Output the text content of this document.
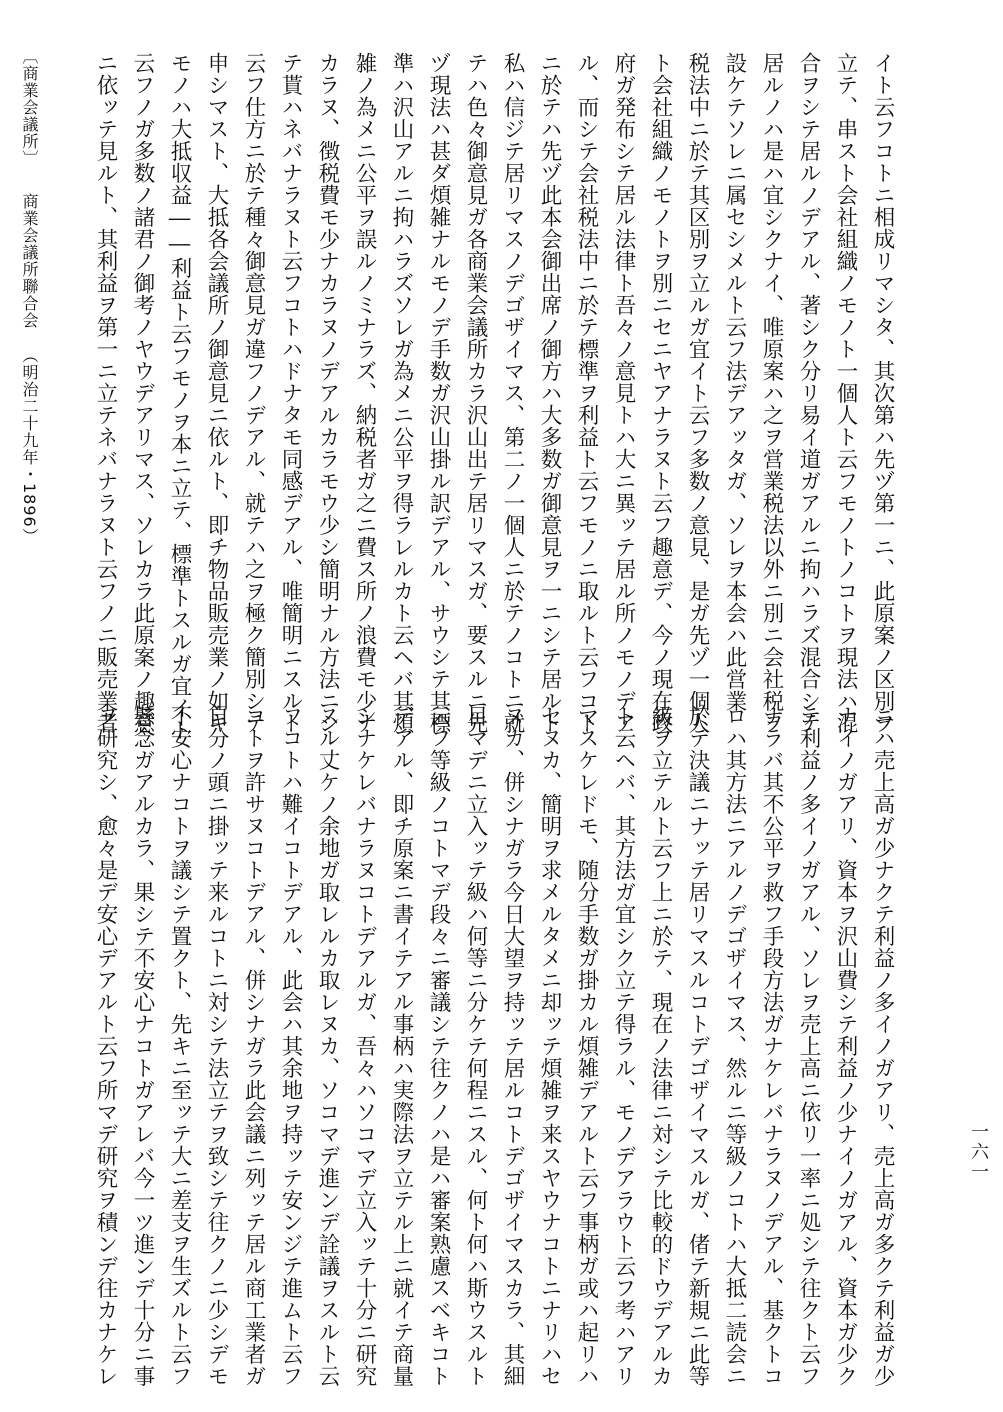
〔商業会議所〕
商業会議所聯合会
（明治二十九年・1896）	イト云フコトニ相成リマシタ、其次第ハ先ヅ第一ニ、此原案ノ区別ヲ
立テ、串スト会社組織ノモノト一個人ト云フモノトノコトヲ現法ハ混
合ヲシテ居ルノデアル、著シク分リ易イ道ガアルニ拘ハラズ混合シテ
居ルノハ是ハ宜シクナイ、唯原案ハ之ヲ営業税法以外ニ別ニ会社税ヲ
設ケテソレニ属セシメルト云フ法デアッタガ、ソレヲ本会ハ此営業
税法中ニ於テ其区別ヲ立ルガ宜イト云フ多数ノ意見、是ガ先ヅ一個人
ト会社組織ノモノトヲ別ニセニヤアナラヌト云フ趣意デ、今ノ現在政
府ガ発布シテ居ル法律ト吾々ノ意見トハ大ニ異ッテ居ル所ノモノデア
ル、而シテ会社税法中ニ於テ標準ヲ利益ト云フモノニ取ルト云フコト
ニ於テハ先ヅ此本会御出席ノ御方ハ大多数ガ御意見ヲ一ニシテ居ルト
私ハ信ジテ居リマスノデゴザイマス、第二ノ一個人ニ於テノコトニ就
テハ色々御意見ガ各商業会議所カラ沢山出テ居リマスガ、要スルニ先
ヅ現法ハ甚ダ煩雑ナルモノデ手数ガ沢山掛ル訳デアル、サウシテ其標
準ハ沢山アルニ拘ハラズソレガ為メニ公平ヲ得ラレルカト云ヘバ其煩
雑ノ為メニ公平ヲ誤ルノミナラズ、納税者ガ之ニ費ス所ノ浪費モ少ナ
カラヌ、徴税費モ少ナカラヌノデアルカラモウ少シ簡明ナル方法ニシ
テ貰ハネバナラヌト云フコトハドナタモ同感デアル、唯簡明ニスルト
云フ仕方ニ於テ種々御意見ガ違フノデアル、就テハ之ヲ極ク簡別シテ
申シマスト、大抵各会議所ノ御意見ニ依ルト、即チ物品販売業ノ如キ
モノハ大抵収益――利益ト云フモノヲ本ニ立テ、標準トスルガ宜イト
云フノガ多数ノ諸君ノ御考ノヤウデアリマス、ソレカラ此原案ノ趣意
ニ依ッテ見ルト、其利益ヲ第一ニ立テネバナラヌト云フノニ販売業者
ニハ売上高ガ少ナクテ利益ノ多イノガアリ、売上高ガ多クテ利益ガ少
ナイノガアリ、資本ヲ沢山費シテ利益ノ少ナイノガアル、資本ガ少ク
テ利益ノ多イノガアル、ソレヲ売上高ニ依リ一率ニ処シテ往クト云フ
ナラバ其不公平ヲ救フ手段方法ガナケレバナラヌノデアル、基クトコ
ロハ其方法ニアルノデゴザイマス、然ルニ等級ノコトハ大抵二読会ニ
於テ決議ニナッテ居リマスルコトデゴザイマスルガ、偖テ新規ニ此等
級ヲ立テルト云フ上ニ於テ、現在ノ法律ニ対シテ比較的ドウデアルカ
ト云ヘバ、其方法ガ宜シク立テ得ラル、モノデアラウト云フ考ハアリ
マスケレドモ、随分手数ガ掛カル煩雑デアルト云フ事柄ガ或ハ起リハ
セヌカ、簡明ヲ求メルタメニ却ッテ煩雑ヲ来スヤウナコトニナリハセ
ヌカ、併シナガラ今日大望ヲ持ッテ居ルコトデゴザイマスカラ、其細
目マデニ立入ッテ級ハ何等ニ分ケテ何程ニスル、何ト何ハ斯ウスルト
云フ等級ノコトマデ段々ニ審議シテ往クノハ是ハ審案熟慮スベキコト
デアル、即チ原案ニ書イテアル事柄ハ実際法ヲ立テル上ニ就イテ商量
シナケレバナラヌコトデアルガ、吾々ハソコマデ立入ッテ十分ニ研究
スル丈ケノ余地ガ取レルカ取レヌカ、ソコマデ進ンデ詮議ヲスルト云
フコトハ難イコトデアル、此会ハ其余地ヲ持ッテ安ンジテ進ムト云フ
コトヲ許サヌコトデアル、併シナガラ此会議ニ列ッテ居ル商工業者ガ
自分ノ頭ニ掛ッテ来ルコトニ対シテ法立テヲ致シテ往クノニ少シデモ
不安心ナコトヲ議シテ置クト、先キニ至ッテ大ニ差支ヲ生ズルト云フ
懸念ガアルカラ、果シテ不安心ナコトガアレバ今一ツ進ンデ十分ニ事
ヲ研究シ、愈々是デ安心デアルト云フ所マデ研究ヲ積ンデ往カナケレ	一六一
